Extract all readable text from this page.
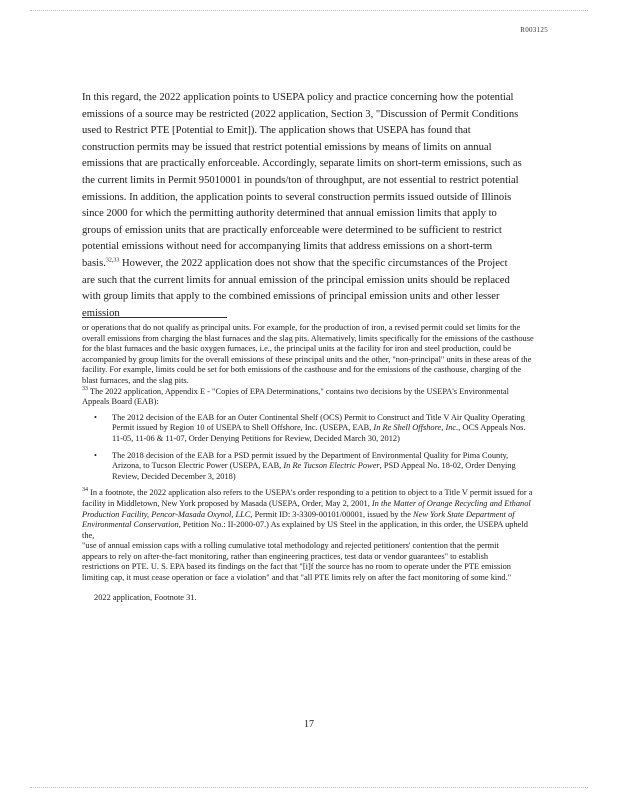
R003125

In this regard, the 2022 application points to USEPA policy and practice concerning how the potential emissions of a source may be restricted (2022 application, Section 3, "Discussion of Permit Conditions used to Restrict PTE [Potential to Emit]). The application shows that USEPA has found that construction permits may be issued that restrict potential emissions by means of limits on annual emissions that are practically enforceable. Accordingly, separate limits on short-term emissions, such as the current limits in Permit 95010001 in pounds/ton of throughput, are not essential to restrict potential emissions. In addition, the application points to several construction permits issued outside of Illinois since 2000 for which the permitting authority determined that annual emission limits that apply to groups of emission units that are practically enforceable were determined to be sufficient to restrict potential emissions without need for accompanying limits that address emissions on a short-term basis.$^{32,33}$ However, the 2022 application does not show that the specific circumstances of the Project are such that the current limits for annual emission of the principal emission units should be replaced with group limits that apply to the combined emissions of principal emission units and other lesser emission

or operations that do not qualify as principal units. For example, for the production of iron, a revised permit could set limits for the overall emissions from charging the blast furnaces and the slag pits. Alternatively, limits specifically for the emissions of the casthouse for the blast furnaces and the basic oxygen furnaces, i.e., the principal units at the facility for iron and steel production, could be accompanied by group limits for the overall emissions of these principal units and the other, "non-principal" units in these areas of the facility. For example, limits could be set for both emissions of the casthouse and for the emissions of the casthouse, charging of the blast furnaces, and the slag pits.

$^{33}$ The 2022 application, Appendix E - "Copies of EPA Determinations," contains two decisions by the USEPA's Environmental Appeals Board (EAB):

• The 2012 decision of the EAB for an Outer Continental Shelf (OCS) Permit to Construct and Title V Air Quality Operating Permit issued by Region 10 of USEPA to Shell Offshore, Inc. (USEPA, EAB, In Re Shell Offshore, Inc., OCS Appeals Nos. 11-05, 11-06 & 11-07, Order Denying Petitions for Review, Decided March 30, 2012)
• The 2018 decision of the EAB for a PSD permit issued by the Department of Environmental Quality for Pima County, Arizona, to Tucson Electric Power (USEPA, EAB, In Re Tucson Electric Power, PSD Appeal No. 18-02, Order Denying Review, Decided December 3, 2018)

$^{34}$ In a footnote, the 2022 application also refers to the USEPA's order responding to a petition to object to a Title V permit issued for a facility in Middletown, New York proposed by Masada (USEPA, Order, May 2, 2001, In the Matter of Orange Recycling and Ethanol Production Facility, Pencor-Masada Oxynol, LLC, Permit ID: 3-3309-00101/00001, issued by the New York State Department of Environmental Conservation, Petition No.: II-2000-07.) As explained by US Steel in the application, in this order, the USEPA upheld the,

"use of annual emission caps with a rolling cumulative total methodology and rejected petitioners' contention that the permit appears to rely on after-the-fact monitoring, rather than engineering practices, test data or vendor guarantees" to establish restrictions on PTE. U. S. EPA based its findings on the fact that "[i]f the source has no room to operate under the PTE emission limiting cap, it must cease operation or face a violation" and that "all PTE limits rely on after the fact monitoring of some kind."

2022 application, Footnote 31.

17
